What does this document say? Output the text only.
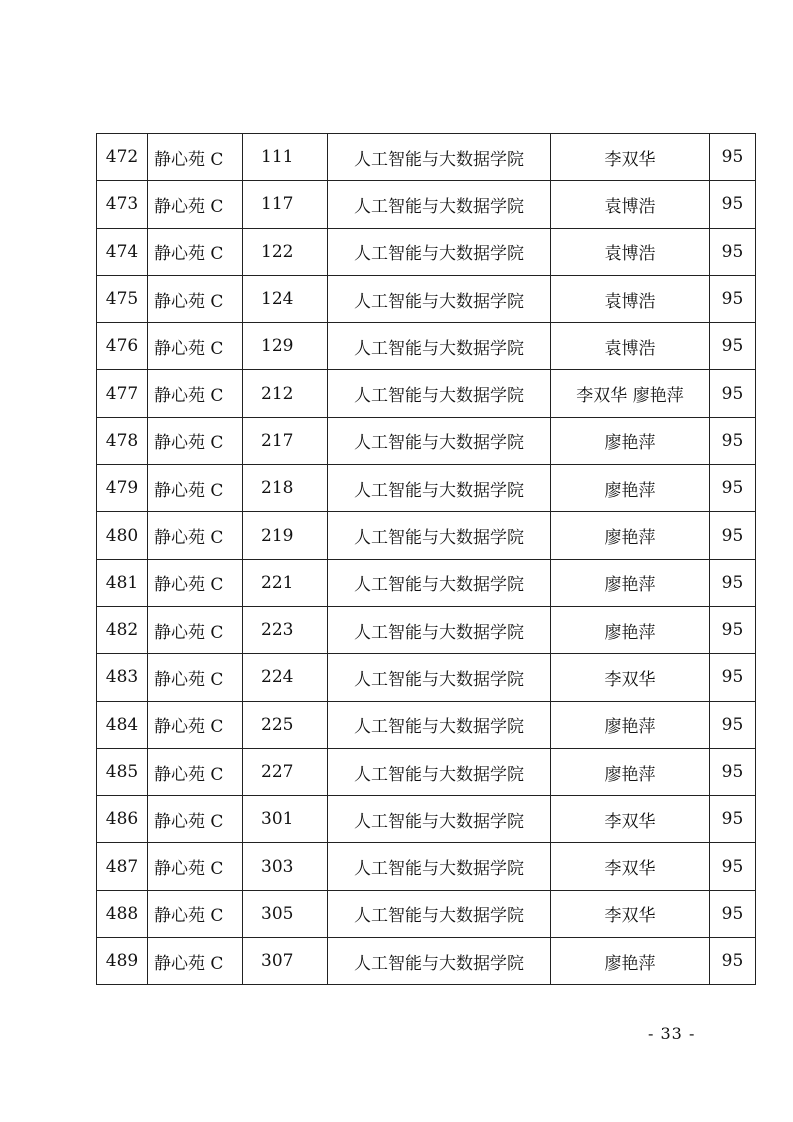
472	静心苑 C	111	人工智能与大数据学院	李双华	95
473	静心苑 C	117	人工智能与大数据学院	袁博浩	95
474	静心苑 C	122	人工智能与大数据学院	袁博浩	95
475	静心苑 C	124	人工智能与大数据学院	袁博浩	95
476	静心苑 C	129	人工智能与大数据学院	袁博浩	95
477	静心苑 C	212	人工智能与大数据学院	李双华 廖艳萍	95
478	静心苑 C	217	人工智能与大数据学院	廖艳萍	95
479	静心苑 C	218	人工智能与大数据学院	廖艳萍	95
480	静心苑 C	219	人工智能与大数据学院	廖艳萍	95
481	静心苑 C	221	人工智能与大数据学院	廖艳萍	95
482	静心苑 C	223	人工智能与大数据学院	廖艳萍	95
483	静心苑 C	224	人工智能与大数据学院	李双华	95
484	静心苑 C	225	人工智能与大数据学院	廖艳萍	95
485	静心苑 C	227	人工智能与大数据学院	廖艳萍	95
486	静心苑 C	301	人工智能与大数据学院	李双华	95
487	静心苑 C	303	人工智能与大数据学院	李双华	95
488	静心苑 C	305	人工智能与大数据学院	李双华	95
489	静心苑 C	307	人工智能与大数据学院	廖艳萍	95
- 33 -
